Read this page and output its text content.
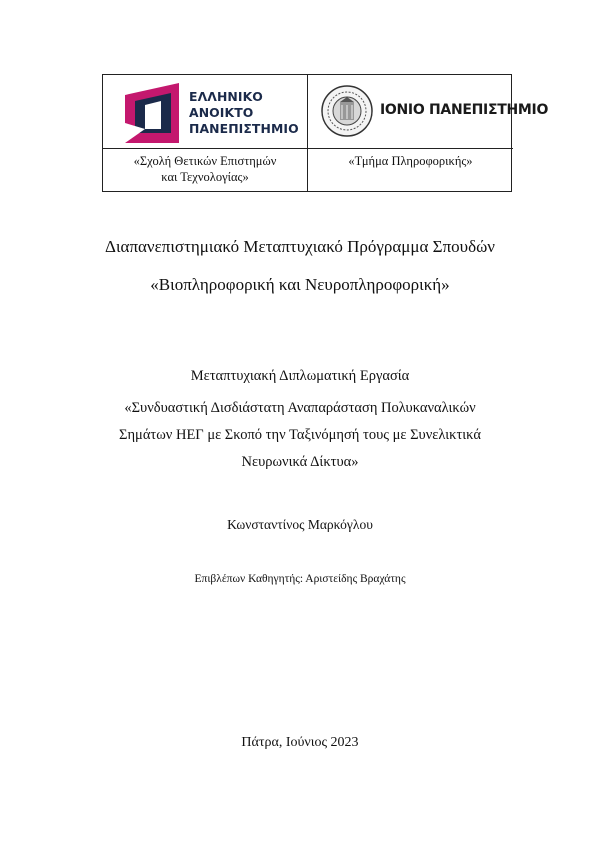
ΕΛΛΗΝΙΚΟ
ΑΝΟΙΚΤΟ
ΠΑΝΕΠΙΣΤΗΜΙΟ
ΙΟΝΙΟ ΠΑΝΕΠΙΣΤΗΜΙΟ
«Σχολή Θετικών Επιστημών
και Τεχνολογίας»
«Τμήμα Πληροφορικής»
Διαπανεπιστημιακό Μεταπτυχιακό Πρόγραμμα Σπουδών
«Βιοπληροφορική και Νευροπληροφορική»
Μεταπτυχιακή Διπλωματική Εργασία
«Συνδυαστική Δισδιάστατη Αναπαράσταση Πολυκαναλικών
Σημάτων ΗΕΓ με Σκοπό την Ταξινόμησή τους με Συνελικτικά
Νευρωνικά Δίκτυα»
Κωνσταντίνος Μαρκόγλου
Επιβλέπων Καθηγητής: Αριστείδης Βραχάτης
Πάτρα, Ιούνιος 2023
